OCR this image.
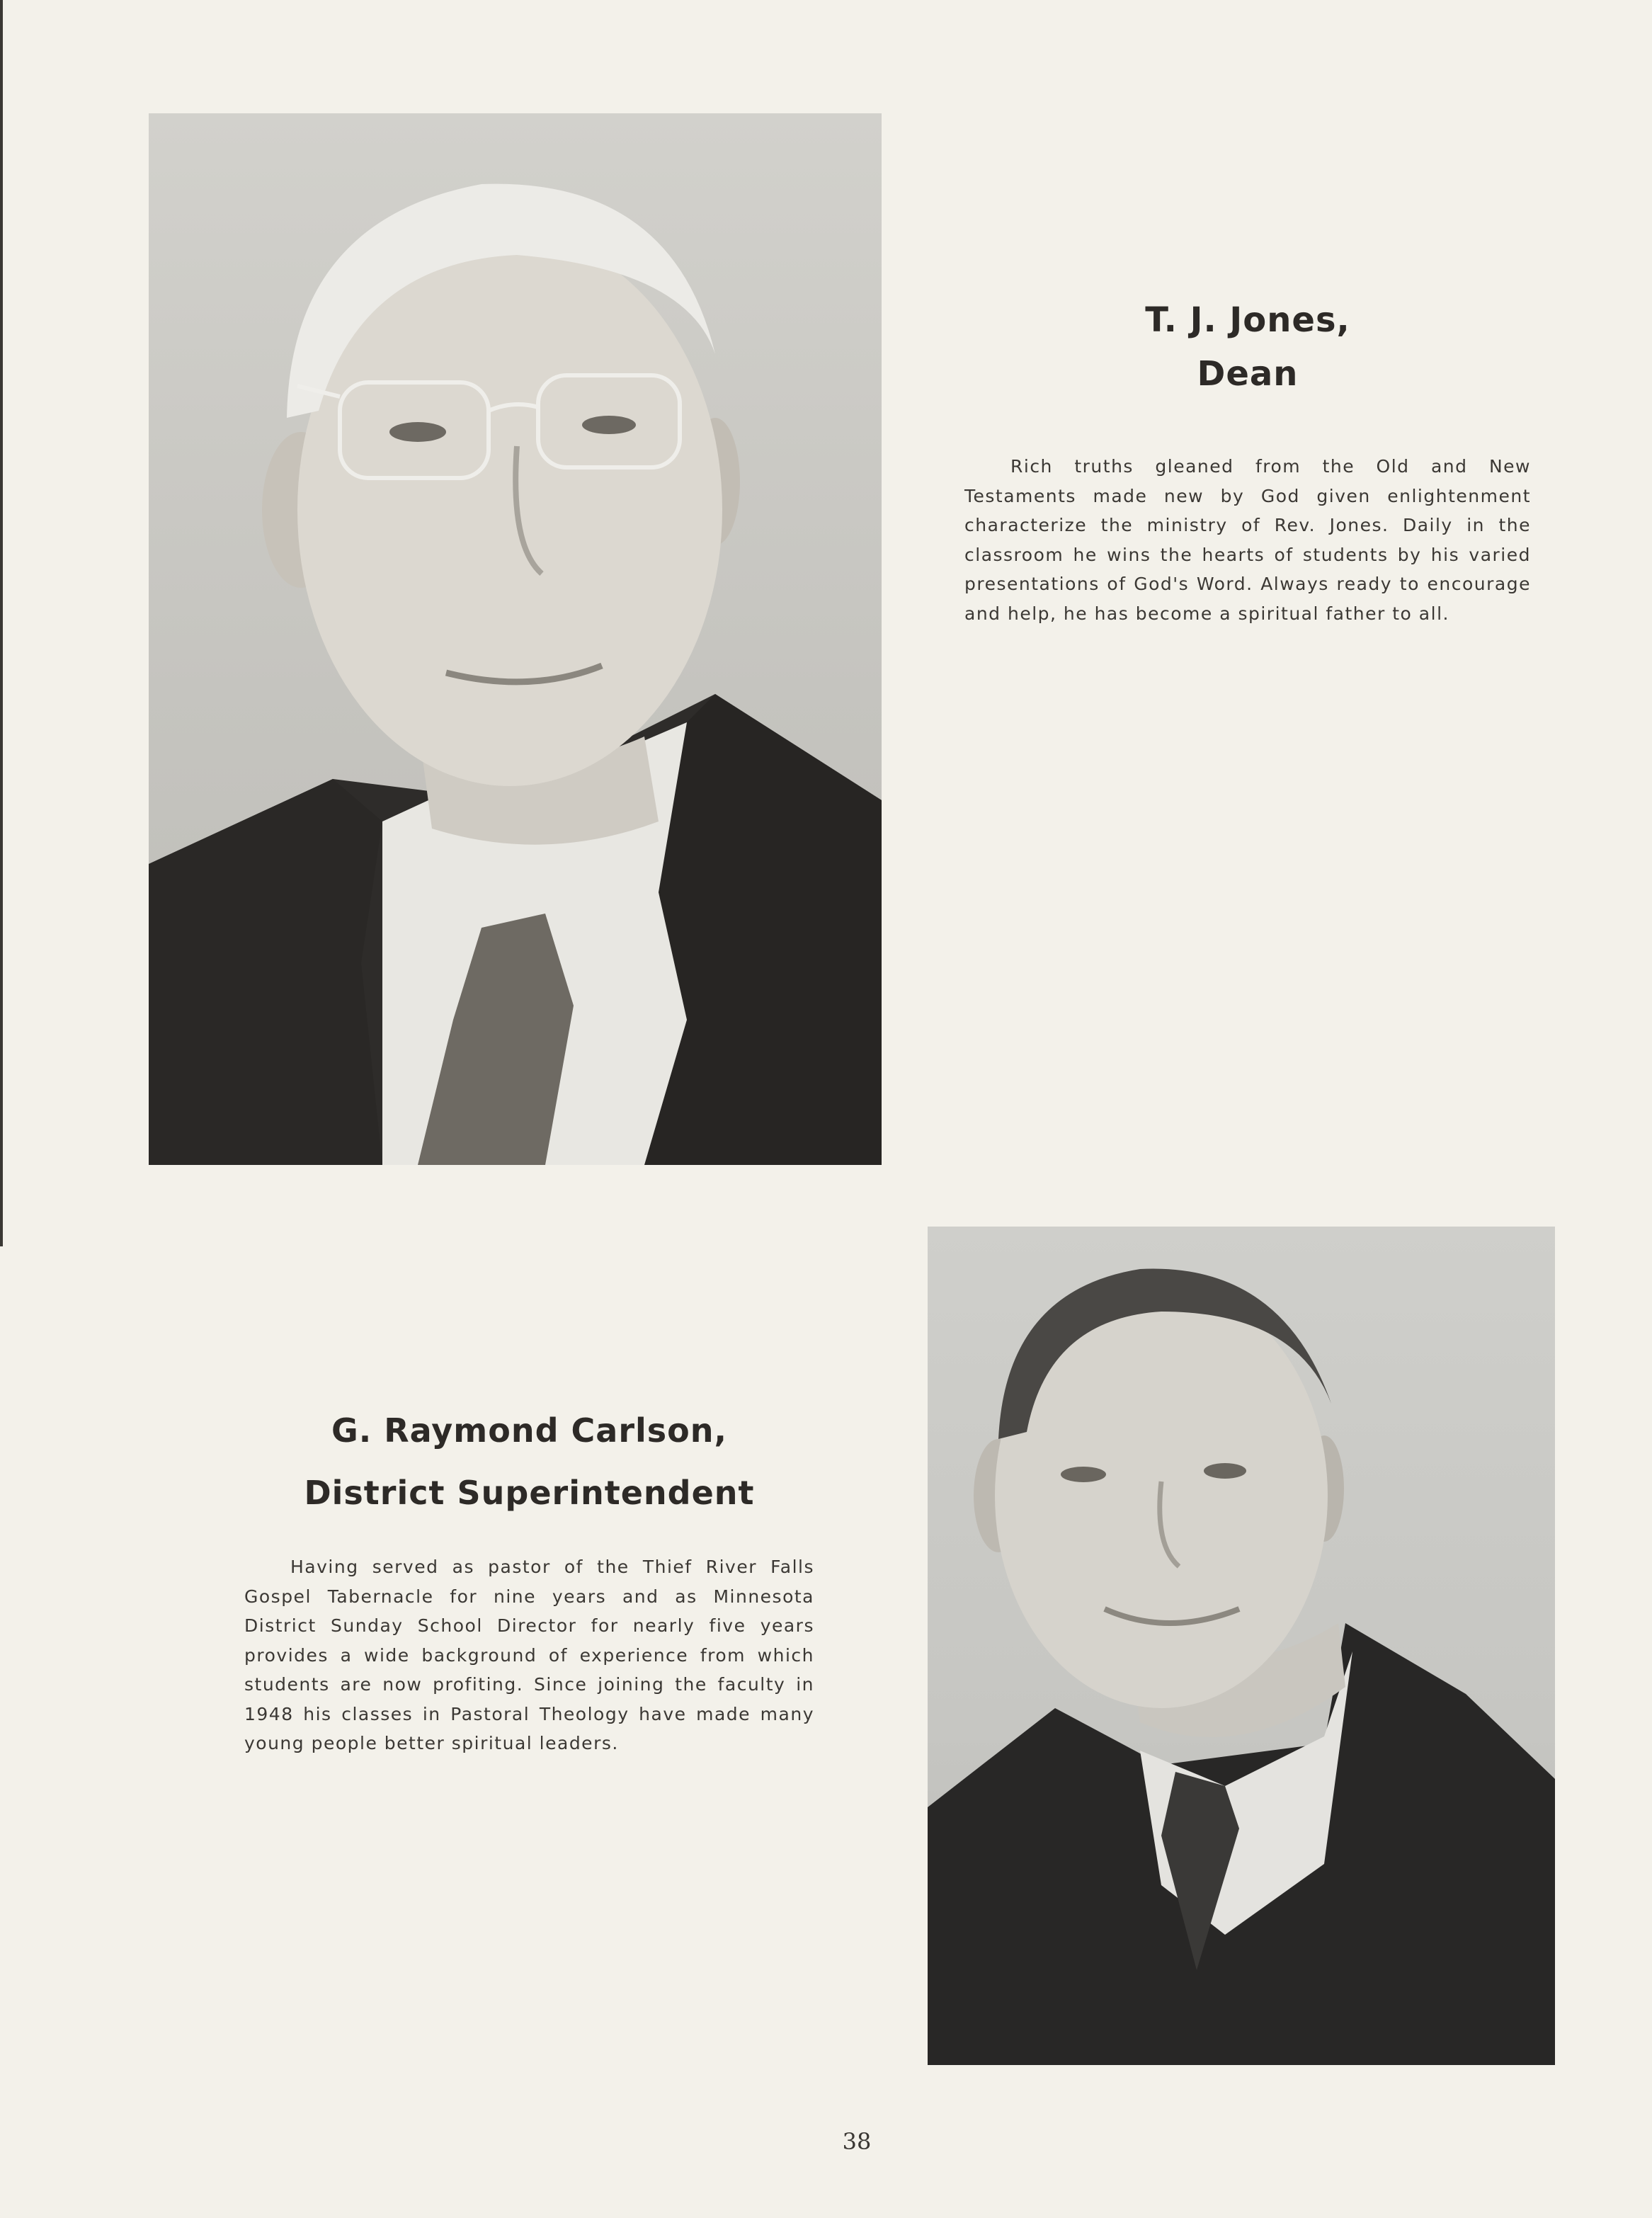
T. J. Jones,
Dean
Rich truths gleaned from the Old and New Testaments made new by God given enlightenment characterize the ministry of Rev. Jones. Daily in the classroom he wins the hearts of students by his varied presentations of God's Word. Always ready to encourage and help, he has become a spiritual father to all.
G. Raymond Carlson,
District Superintendent
Having served as pastor of the Thief River Falls Gospel Tabernacle for nine years and as Minnesota District Sunday School Director for nearly five years provides a wide background of experience from which students are now profiting. Since joining the faculty in 1948 his classes in Pastoral Theology have made many young people better spiritual leaders.
38
